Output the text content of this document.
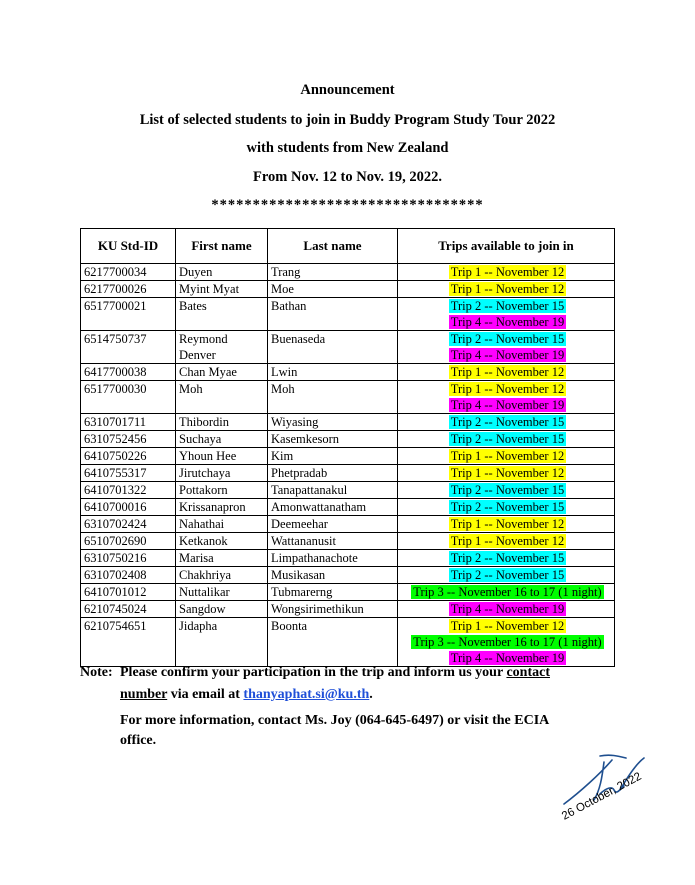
Announcement
List of selected students to join in Buddy Program Study Tour 2022
with students from New Zealand
From Nov. 12 to Nov. 19, 2022.
*********************************
KU Std-ID	First name	Last name	Trips available to join in
6217700034	Duyen	Trang	Trip 1 -- November 12

6217700026	Myint Myat	Moe	Trip 1 -- November 12

6517700021	Bates	Bathan	Trip 2 -- November 15
Trip 4 -- November 19

6514750737	Reymond Denver	Buenaseda	Trip 2 -- November 15
Trip 4 -- November 19

6417700038	Chan Myae	Lwin	Trip 1 -- November 12

6517700030	Moh	Moh	Trip 1 -- November 12
Trip 4 -- November 19

6310701711	Thibordin	Wiyasing	Trip 2 -- November 15

6310752456	Suchaya	Kasemkesorn	Trip 2 -- November 15

6410750226	Yhoun Hee	Kim	Trip 1 -- November 12

6410755317	Jirutchaya	Phetpradab	Trip 1 -- November 12

6410701322	Pottakorn	Tanapattanakul	Trip 2 -- November 15

6410700016	Krissanapron	Amonwattanatham	Trip 2 -- November 15

6310702424	Nahathai	Deemeehar	Trip 1 -- November 12

6510702690	Ketkanok	Wattananusit	Trip 1 -- November 12

6310750216	Marisa	Limpathanachote	Trip 2 -- November 15

6310702408	Chakhriya	Musikasan	Trip 2 -- November 15

6410701012	Nuttalikar	Tubmarerng	Trip 3 -- November 16 to 17 (1 night)

6210745024	Sangdow	Wongsirimethikun	Trip 4 -- November 19

6210754651	Jidapha	Boonta	Trip 1 -- November 12
Trip 3 -- November 16 to 17 (1 night)
Trip 4 -- November 19
Note: Please confirm your participation in the trip and inform us your contact
number via email at thanyaphat.si@ku.th.
For more information, contact Ms. Joy (064-645-6497) or visit the ECIA
office.
26 October, 2022
